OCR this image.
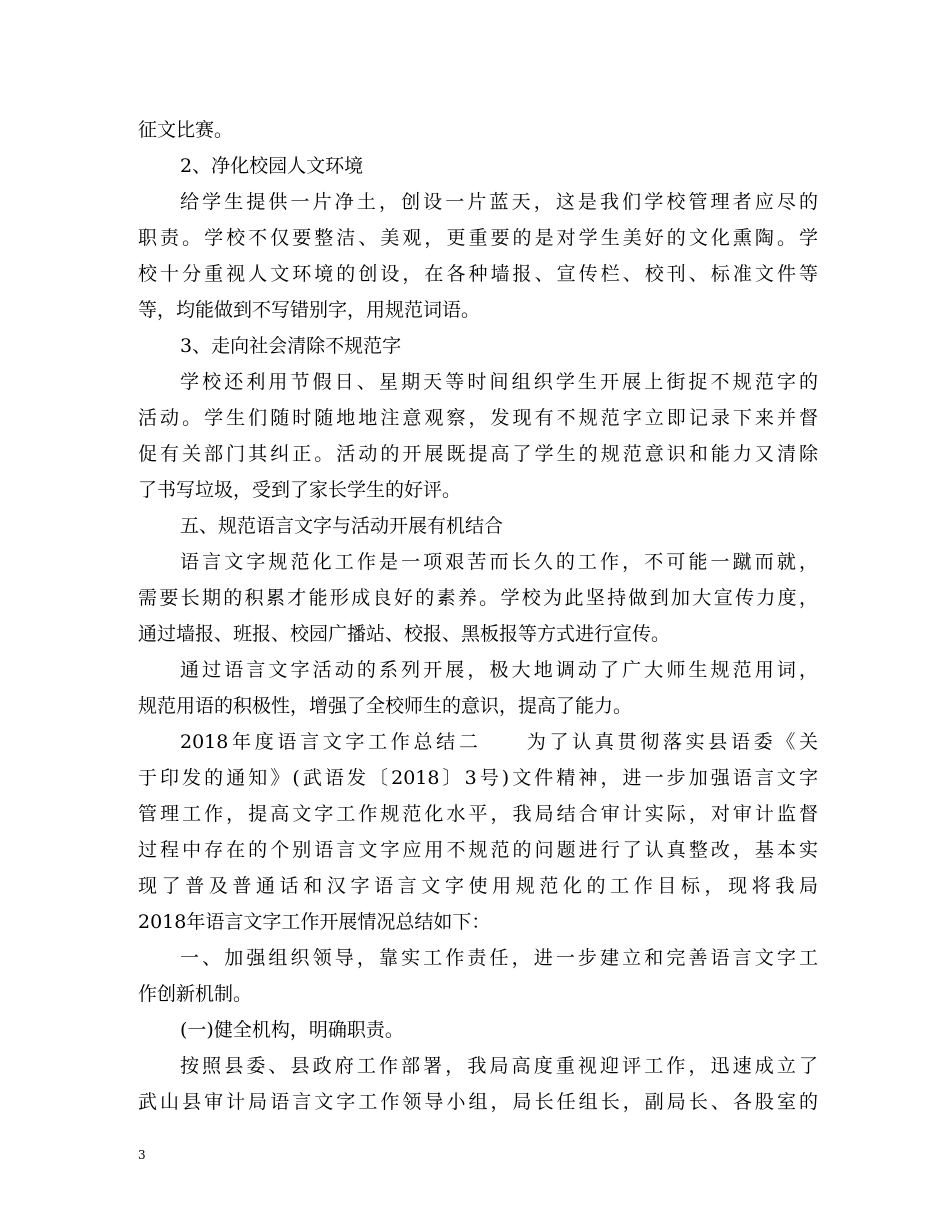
征文比赛。
2、净化校园人文环境
给学生提供一片净土，创设一片蓝天，这是我们学校管理者应尽的
职责。学校不仅要整洁、美观，更重要的是对学生美好的文化熏陶。学
校十分重视人文环境的创设，在各种墙报、宣传栏、校刊、标准文件等
等，均能做到不写错别字，用规范词语。
3、走向社会清除不规范字
学校还利用节假日、星期天等时间组织学生开展上街捉不规范字的
活动。学生们随时随地地注意观察，发现有不规范字立即记录下来并督
促有关部门其纠正。活动的开展既提高了学生的规范意识和能力又清除
了书写垃圾，受到了家长学生的好评。
五、规范语言文字与活动开展有机结合
语言文字规范化工作是一项艰苦而长久的工作，不可能一蹴而就，
需要长期的积累才能形成良好的素养。学校为此坚持做到加大宣传力度，
通过墙报、班报、校园广播站、校报、黑板报等方式进行宣传。
通过语言文字活动的系列开展，极大地调动了广大师生规范用词，
规范用语的积极性，增强了全校师生的意识，提高了能力。
2018年度语言文字工作总结二　　为了认真贯彻落实县语委《关
于印发的通知》(武语发〔2018〕3号)文件精神，进一步加强语言文字
管理工作，提高文字工作规范化水平，我局结合审计实际，对审计监督
过程中存在的个别语言文字应用不规范的问题进行了认真整改，基本实
现了普及普通话和汉字语言文字使用规范化的工作目标，现将我局
2018年语言文字工作开展情况总结如下：
一、加强组织领导，靠实工作责任，进一步建立和完善语言文字工
作创新机制。
(一)健全机构，明确职责。
按照县委、县政府工作部署，我局高度重视迎评工作，迅速成立了
武山县审计局语言文字工作领导小组，局长任组长，副局长、各股室的
3
